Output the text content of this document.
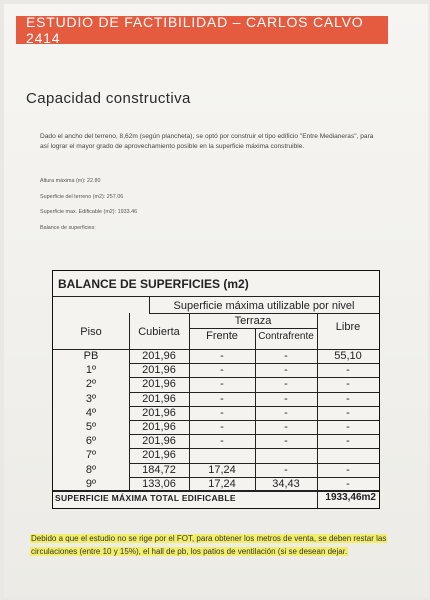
ESTUDIO DE FACTIBILIDAD – CARLOS CALVO 2414
Capacidad constructiva
Dado el ancho del terreno, 8,62m (según plancheta), se optó por construir el tipo edificio "Entre Medianeras", para así lograr el mayor grado de aprovechamiento posible en la superficie máxima construible.
Altura máxima (m): 22.80
Superficie del terreno (m2): 257.06
Superficie max. Edificable (m2): 1933.46
Balance de superficies:
BALANCE DE SUPERFICIES (m2)
Superficie máxima utilizable por nivel
Piso	Cubierta
Terraza
Frente	Contrafrente
Libre
PB	201,96	-	-	55,10
1º	201,96	-	-	-
2º	201,96	-	-	-
3º	201,96	-	-	-
4º	201,96	-	-	-
5º	201,96	-	-	-
6º	201,96	-	-	-
7º	201,96
8º	184,72	17,24	-	-
9º	133,06	17,24	34,43	-
SUPERFICIE MÁXIMA TOTAL EDIFICABLE	1933,46m2
Debido a que el estudio no se rige por el FOT, para obtener los metros de venta, se deben restar las circulaciones (entre 10 y 15%), el hall de pb, los patios de ventilación (si se desean dejar.
